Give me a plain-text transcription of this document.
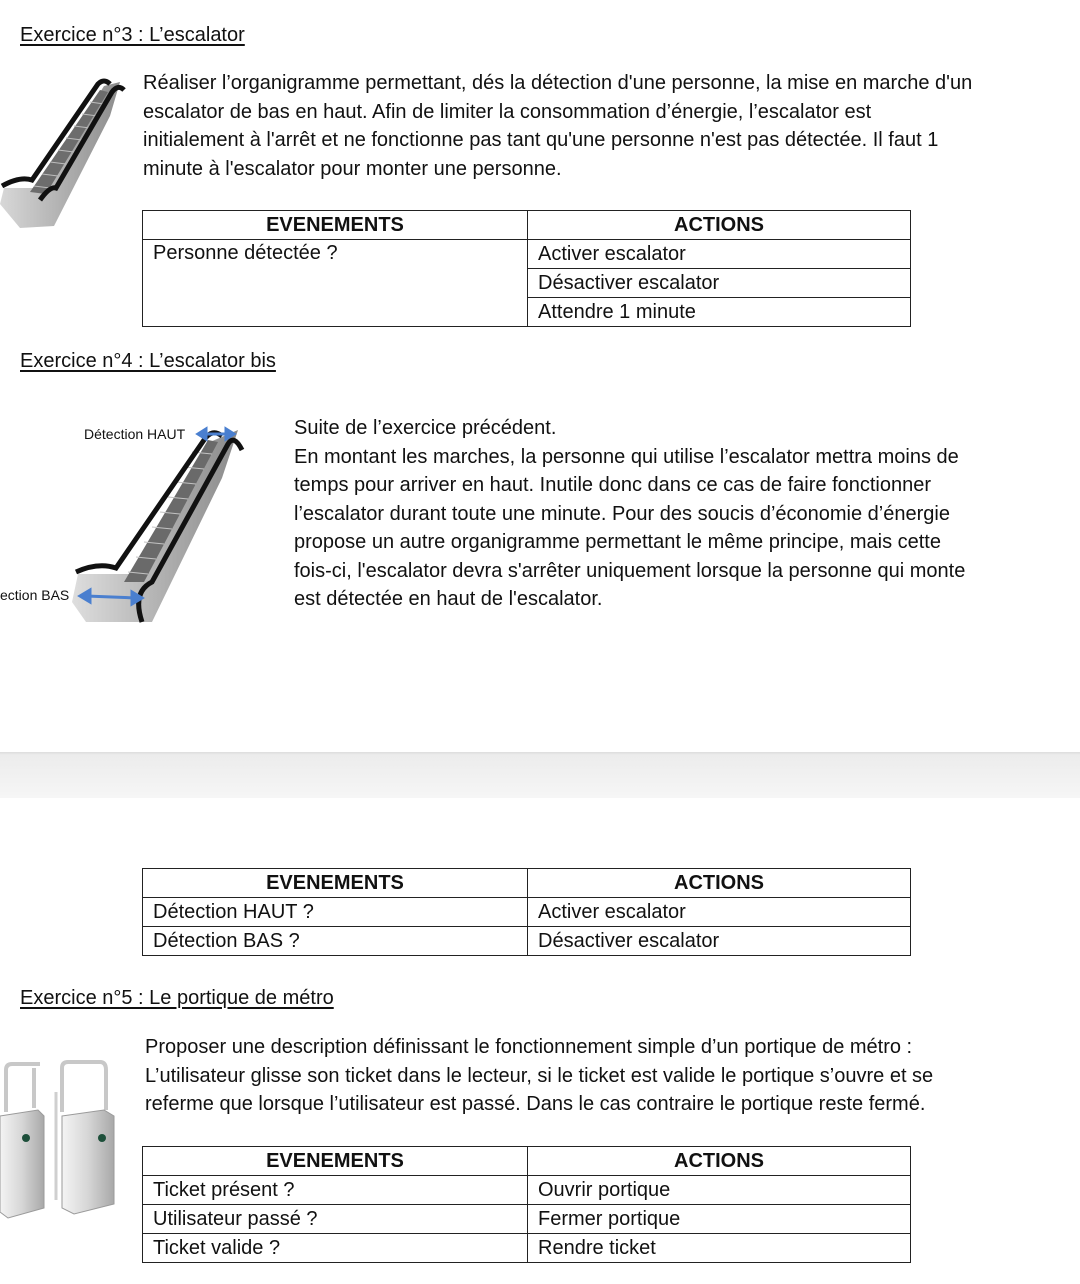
Exercice n°3 : L’escalator
Réaliser l’organigramme permettant, dés la détection d'une personne, la mise en marche d'un
escalator de bas en haut. Afin de limiter la consommation d’énergie, l’escalator est
initialement à l'arrêt et ne fonctionne pas tant qu'une personne n'est pas détectée. Il faut 1
minute à l'escalator pour monter une personne.
EVENEMENTS	ACTIONS
Personne détectée ?	Activer escalator
	Désactiver escalator
	Attendre 1 minute
Exercice n°4 : L’escalator bis
Détection HAUT
ection BAS
Suite de l’exercice précédent.
En montant les marches, la personne qui utilise l’escalator mettra moins de
temps pour arriver en haut. Inutile donc dans ce cas de faire fonctionner
l’escalator durant toute une minute. Pour des soucis d’économie d’énergie
propose un autre organigramme permettant le même principe, mais cette
fois-ci, l'escalator devra s'arrêter uniquement lorsque la personne qui monte
est détectée en haut de l'escalator.
EVENEMENTS	ACTIONS
Détection HAUT ?	Activer escalator
Détection BAS ?	Désactiver escalator
Exercice n°5 : Le portique de métro
Proposer une description définissant le fonctionnement simple d’un portique de métro :
L’utilisateur glisse son ticket dans le lecteur, si le ticket est valide le portique s’ouvre et se
referme que lorsque l’utilisateur est passé. Dans le cas contraire le portique reste fermé.
EVENEMENTS	ACTIONS
Ticket présent ?	Ouvrir portique
Utilisateur passé ?	Fermer portique
Ticket valide ?	Rendre ticket
